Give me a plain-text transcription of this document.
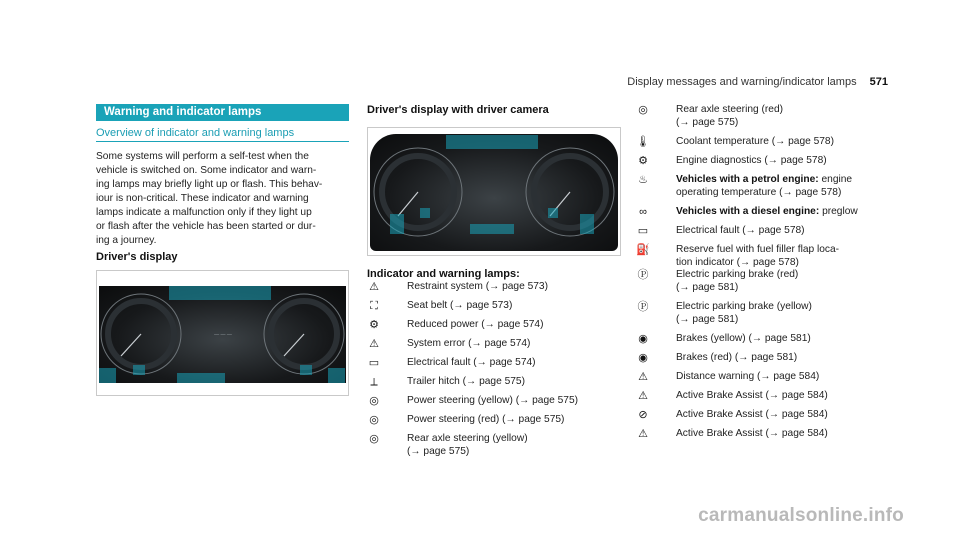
Display messages and warning/indicator lamps 571
Warning and indicator lamps
Overview of indicator and warning lamps
Some systems will perform a self-test when the
vehicle is switched on. Some indicator and warn‐
ing lamps may briefly light up or flash. This behav‐
iour is non-critical. These indicator and warning
lamps indicate a malfunction only if they light up
or flash after the vehicle has been started or dur‐
ing a journey.
Driver's display
— — —
Driver's display with driver camera
Indicator and warning lamps:
⚠	Restraint system (→ page 573)
⛶	Seat belt (→ page 573)
⚙	Reduced power (→ page 574)
⚠	System error (→ page 574)
▭	Electrical fault (→ page 574)
⟂	Trailer hitch (→ page 575)
◎	Power steering (yellow) (→ page 575)
◎	Power steering (red) (→ page 575)
◎	Rear axle steering (yellow)
(→ page 575)
◎	Rear axle steering (red)
(→ page 575)
🌡	Coolant temperature (→ page 578)
⚙	Engine diagnostics (→ page 578)
♨	Vehicles with a petrol engine: engine
operating temperature (→ page 578)
∞	Vehicles with a diesel engine: preglow
▭	Electrical fault (→ page 578)
⛽	Reserve fuel with fuel filler flap loca‐
tion indicator (→ page 578)
Ⓟ	Electric parking brake (red)
(→ page 581)
Ⓟ	Electric parking brake (yellow)
(→ page 581)
◉	Brakes (yellow) (→ page 581)
◉	Brakes (red) (→ page 581)
⚠	Distance warning (→ page 584)
⚠	Active Brake Assist (→ page 584)
⊘	Active Brake Assist (→ page 584)
⚠	Active Brake Assist (→ page 584)
carmanualsonline.info
